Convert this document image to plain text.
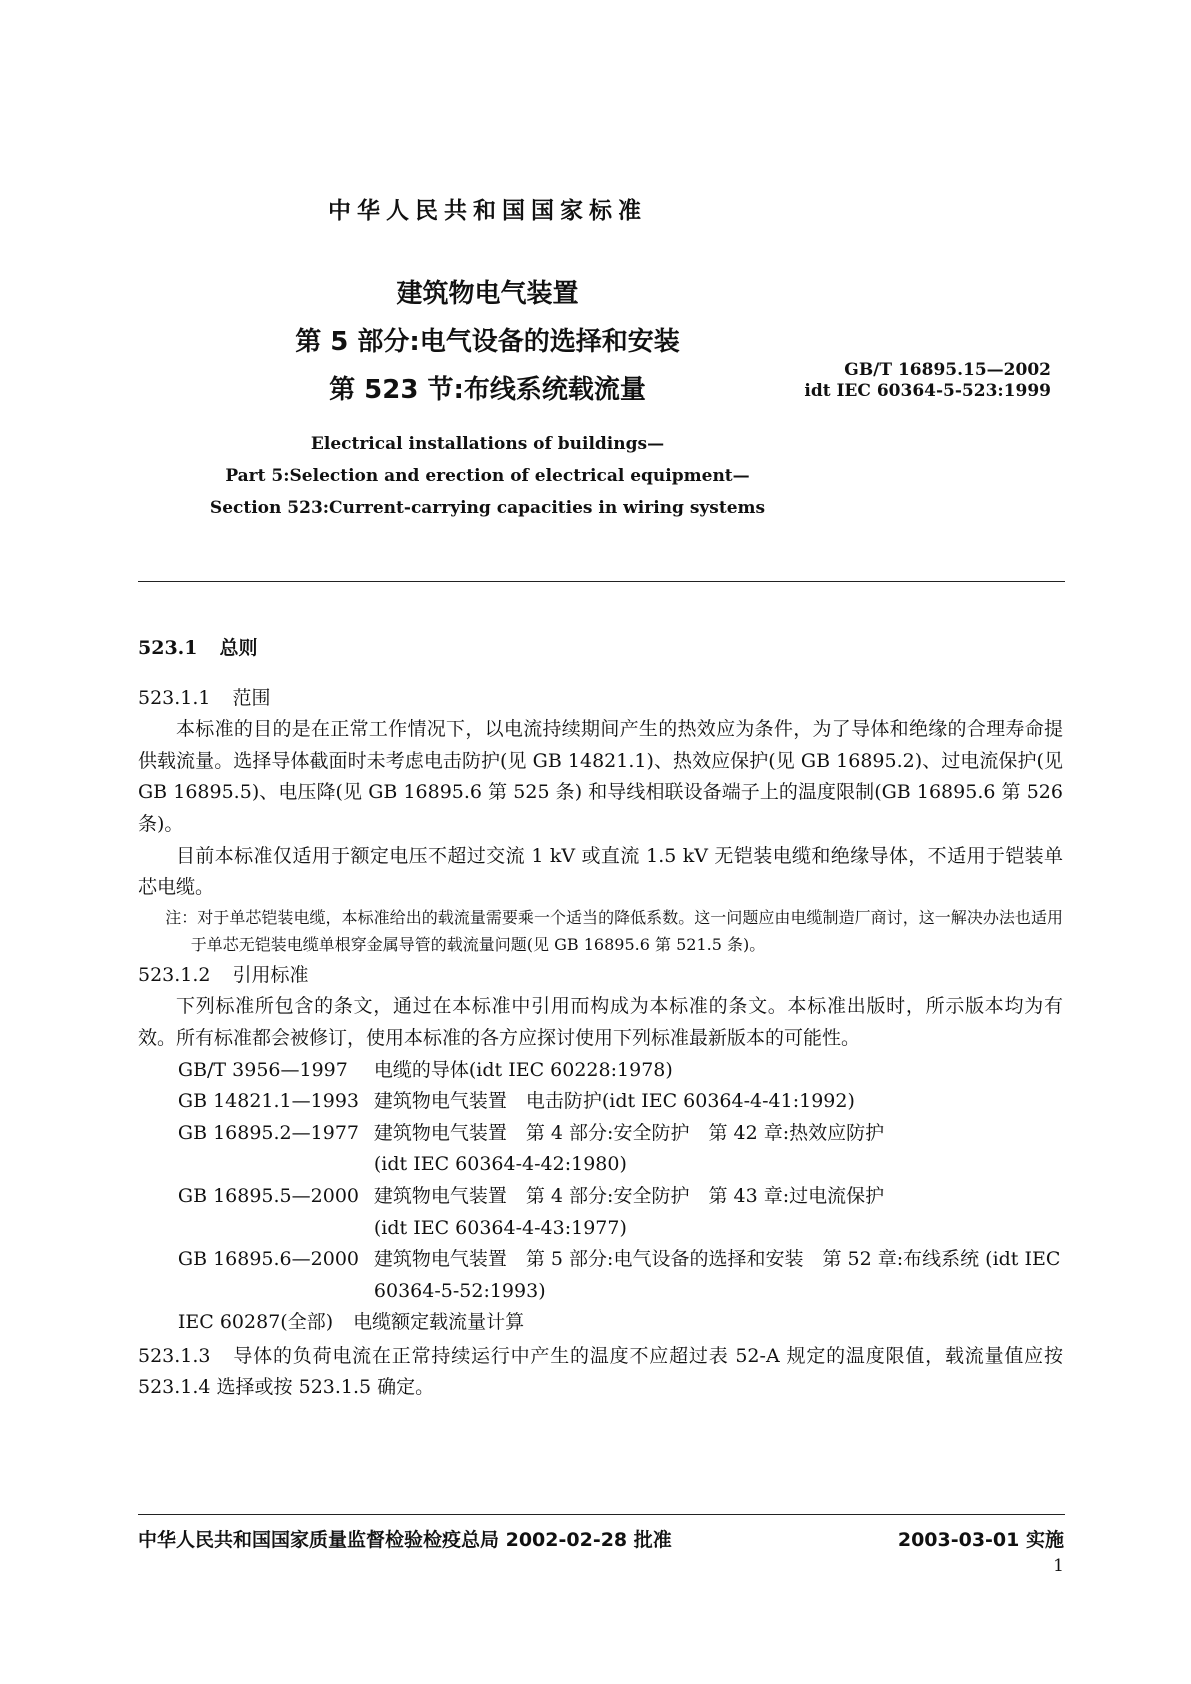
中华人民共和国国家标准
建筑物电气装置
第 5 部分:电气设备的选择和安装
第 523 节:布线系统载流量
GB/T 16895.15—2002
idt IEC 60364-5-523:1999
Electrical installations of buildings—
Part 5:Selection and erection of electrical equipment—
Section 523:Current-carrying capacities in wiring systems
523.1 总则
523.1.1 范围

本标准的目的是在正常工作情况下，以电流持续期间产生的热效应为条件，为了导体和绝缘的合理寿命提供载流量。选择导体截面时未考虑电击防护(见 GB 14821.1)、热效应保护(见 GB 16895.2)、过电流保护(见 GB 16895.5)、电压降(见 GB 16895.6 第 525 条) 和导线相联设备端子上的温度限制(GB 16895.6 第 526 条)。

目前本标准仅适用于额定电压不超过交流 1 kV 或直流 1.5 kV 无铠装电缆和绝缘导体，不适用于铠装单芯电缆。

注：对于单芯铠装电缆，本标准给出的载流量需要乘一个适当的降低系数。这一问题应由电缆制造厂商讨，这一解决办法也适用于单芯无铠装电缆单根穿金属导管的载流量问题(见 GB 16895.6 第 521.5 条)。

523.1.2 引用标准

下列标准所包含的条文，通过在本标准中引用而构成为本标准的条文。本标准出版时，所示版本均为有效。所有标准都会被修订，使用本标准的各方应探讨使用下列标准最新版本的可能性。

GB/T 3956—1997	电缆的导体(idt IEC 60228:1978)
GB 14821.1—1993 建筑物电气装置　电击防护(idt IEC 60364-4-41:1992)
GB 16895.2—1977 建筑物电气装置　第 4 部分:安全防护　第 42 章:热效应防护 (idt IEC 60364-4-42:1980)
GB 16895.5—2000 建筑物电气装置　第 4 部分:安全防护　第 43 章:过电流保护 (idt IEC 60364-4-43:1977)
GB 16895.6—2000 建筑物电气装置　第 5 部分:电气设备的选择和安装　第 52 章:布线系统 (idt IEC 60364-5-52:1993)
IEC 60287(全部) 电缆额定载流量计算

523.1.3 导体的负荷电流在正常持续运行中产生的温度不应超过表 52-A 规定的温度限值，载流量值应按 523.1.4 选择或按 523.1.5 确定。

中华人民共和国国家质量监督检验检疫总局 2002-02-28 批准	2003-03-01 实施
1
